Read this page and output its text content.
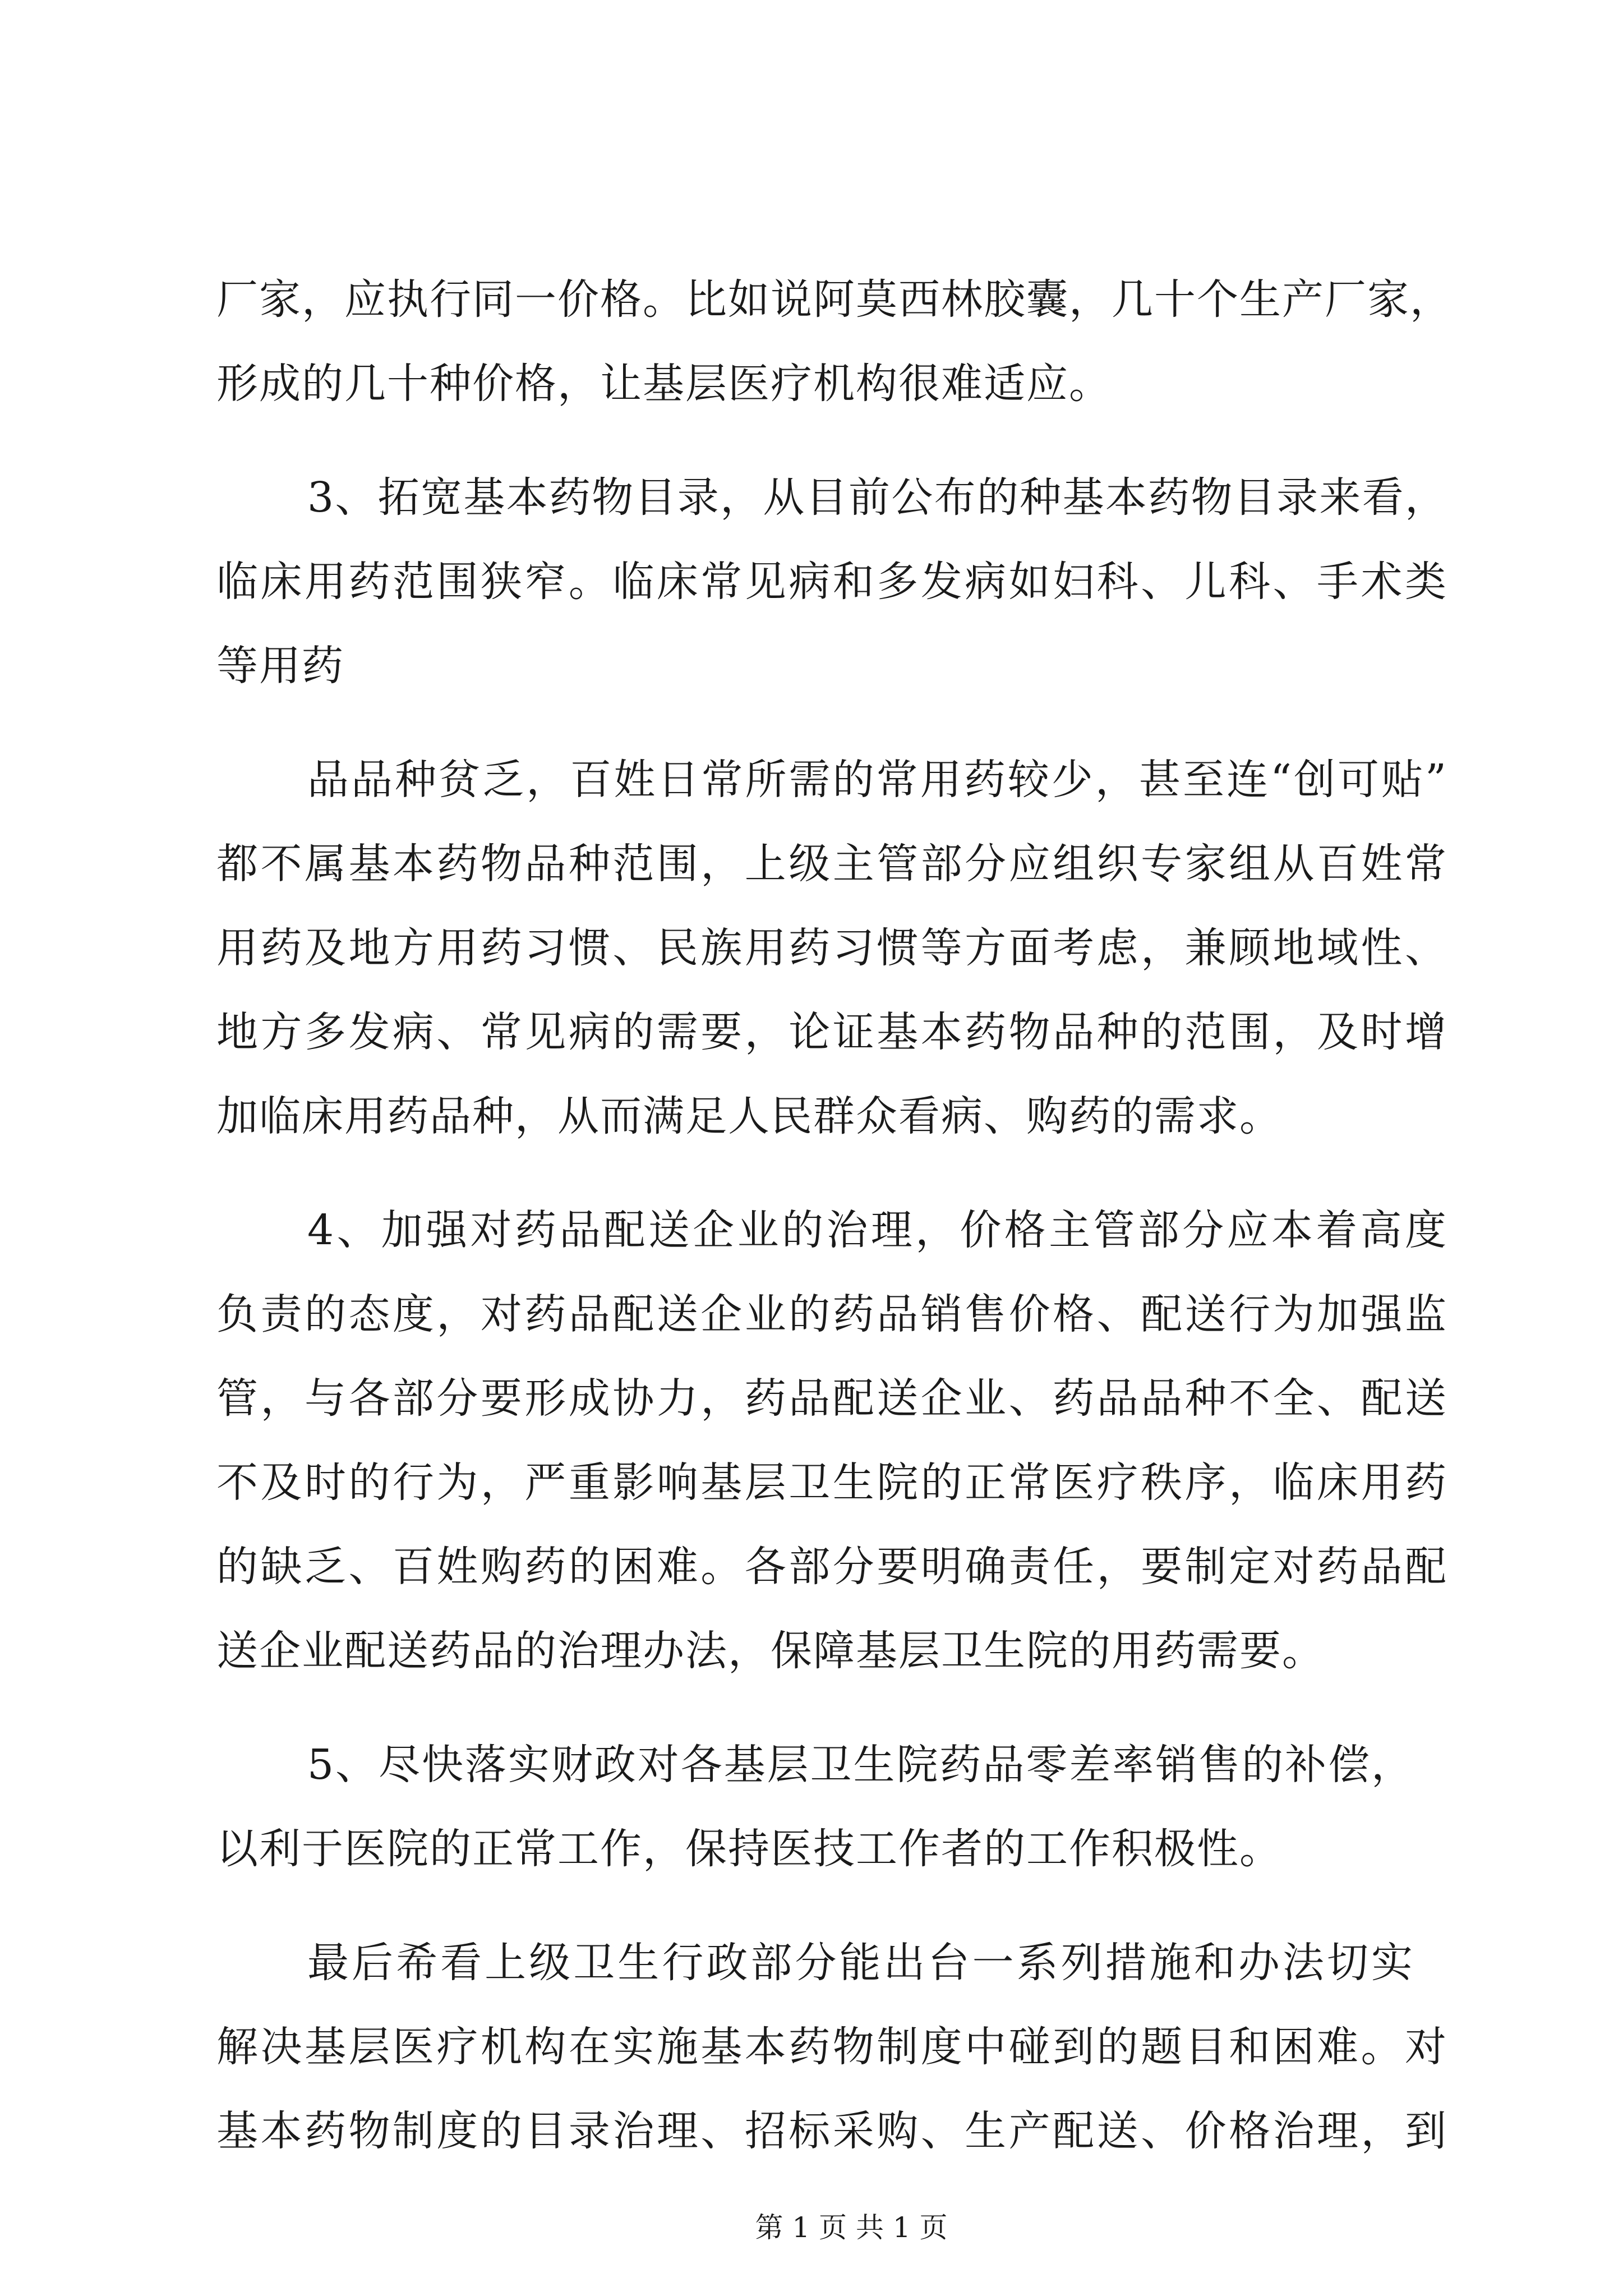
厂家，应执行同一价格。比如说阿莫西林胶囊，几十个生产厂家，
形成的几十种价格，让基层医疗机构很难适应。
3、拓宽基本药物目录，从目前公布的种基本药物目录来看，
临床用药范围狭窄。临床常见病和多发病如妇科、儿科、手术类
等用药
品品种贫乏，百姓日常所需的常用药较少，甚至连“创可贴”
都不属基本药物品种范围，上级主管部分应组织专家组从百姓常
用药及地方用药习惯、民族用药习惯等方面考虑，兼顾地域性、
地方多发病、常见病的需要，论证基本药物品种的范围，及时增
加临床用药品种，从而满足人民群众看病、购药的需求。
4、加强对药品配送企业的治理，价格主管部分应本着高度
负责的态度，对药品配送企业的药品销售价格、配送行为加强监
管，与各部分要形成协力，药品配送企业、药品品种不全、配送
不及时的行为，严重影响基层卫生院的正常医疗秩序，临床用药
的缺乏、百姓购药的困难。各部分要明确责任，要制定对药品配
送企业配送药品的治理办法，保障基层卫生院的用药需要。
5、尽快落实财政对各基层卫生院药品零差率销售的补偿，
以利于医院的正常工作，保持医技工作者的工作积极性。
最后希看上级卫生行政部分能出台一系列措施和办法切实
解决基层医疗机构在实施基本药物制度中碰到的题目和困难。对
基本药物制度的目录治理、招标采购、生产配送、价格治理，到
第 1 页 共 1 页
